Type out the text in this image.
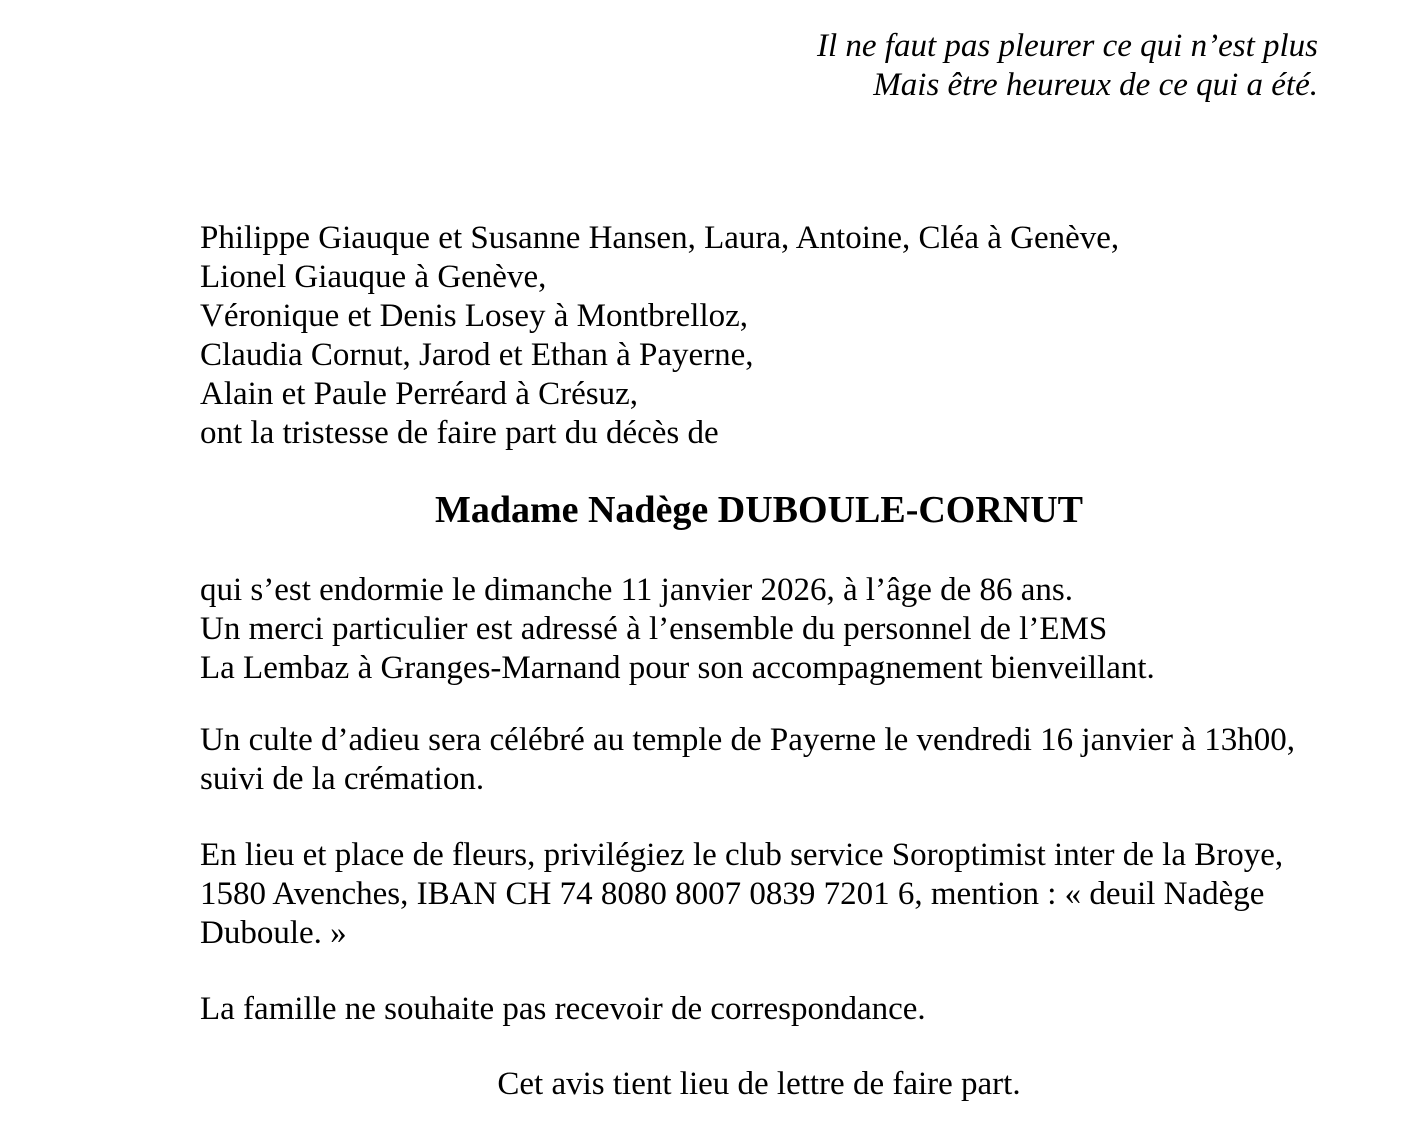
Il ne faut pas pleurer ce qui n’est plus
Mais être heureux de ce qui a été.
Philippe Giauque et Susanne Hansen, Laura, Antoine, Cléa à Genève,
Lionel Giauque à Genève,
Véronique et Denis Losey à Montbrelloz,
Claudia Cornut, Jarod et Ethan à Payerne,
Alain et Paule Perréard à Crésuz,
ont la tristesse de faire part du décès de
Madame Nadège DUBOULE-CORNUT
qui s’est endormie le dimanche 11 janvier 2026, à l’âge de 86 ans.
Un merci particulier est adressé à l’ensemble du personnel de l’EMS
La Lembaz à Granges-Marnand pour son accompagnement bienveillant.
Un culte d’adieu sera célébré au temple de Payerne le vendredi 16 janvier à 13h00,
suivi de la crémation.
En lieu et place de fleurs, privilégiez le club service Soroptimist inter de la Broye,
1580 Avenches, IBAN CH 74 8080 8007 0839 7201 6, mention : « deuil Nadège
Duboule. »
La famille ne souhaite pas recevoir de correspondance.
Cet avis tient lieu de lettre de faire part.
